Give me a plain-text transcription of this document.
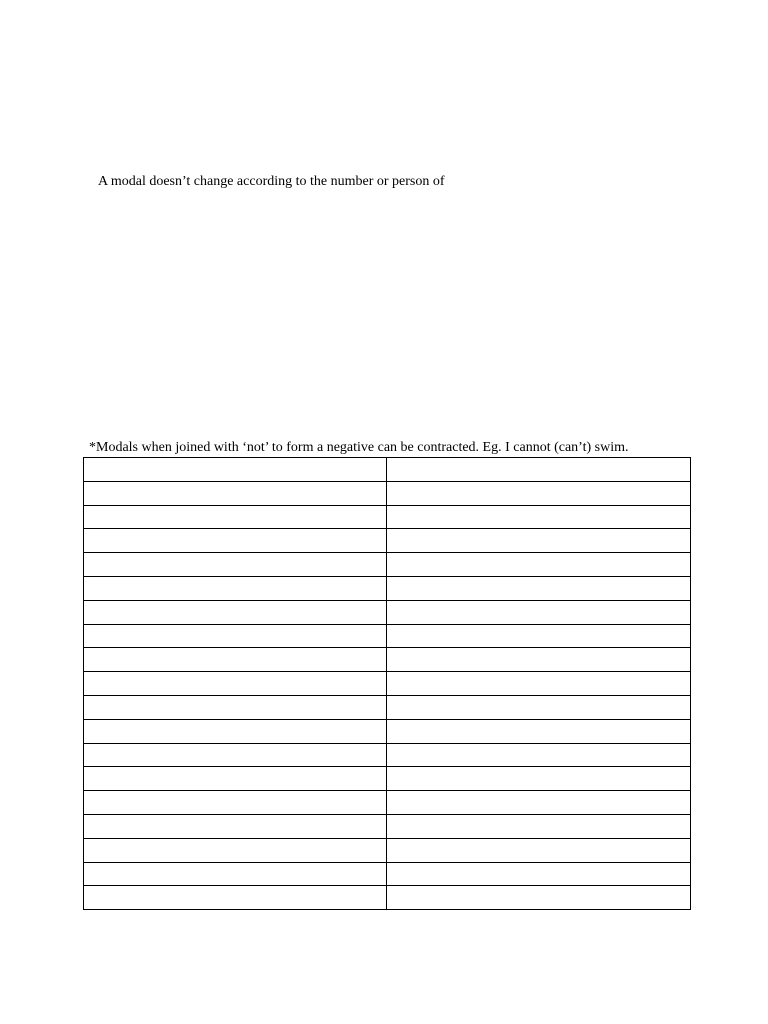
A modal doesn’t change according to the number or person of
*Modals when joined with ‘not’ to form a negative can be contracted. Eg. I cannot (can’t) swim.
